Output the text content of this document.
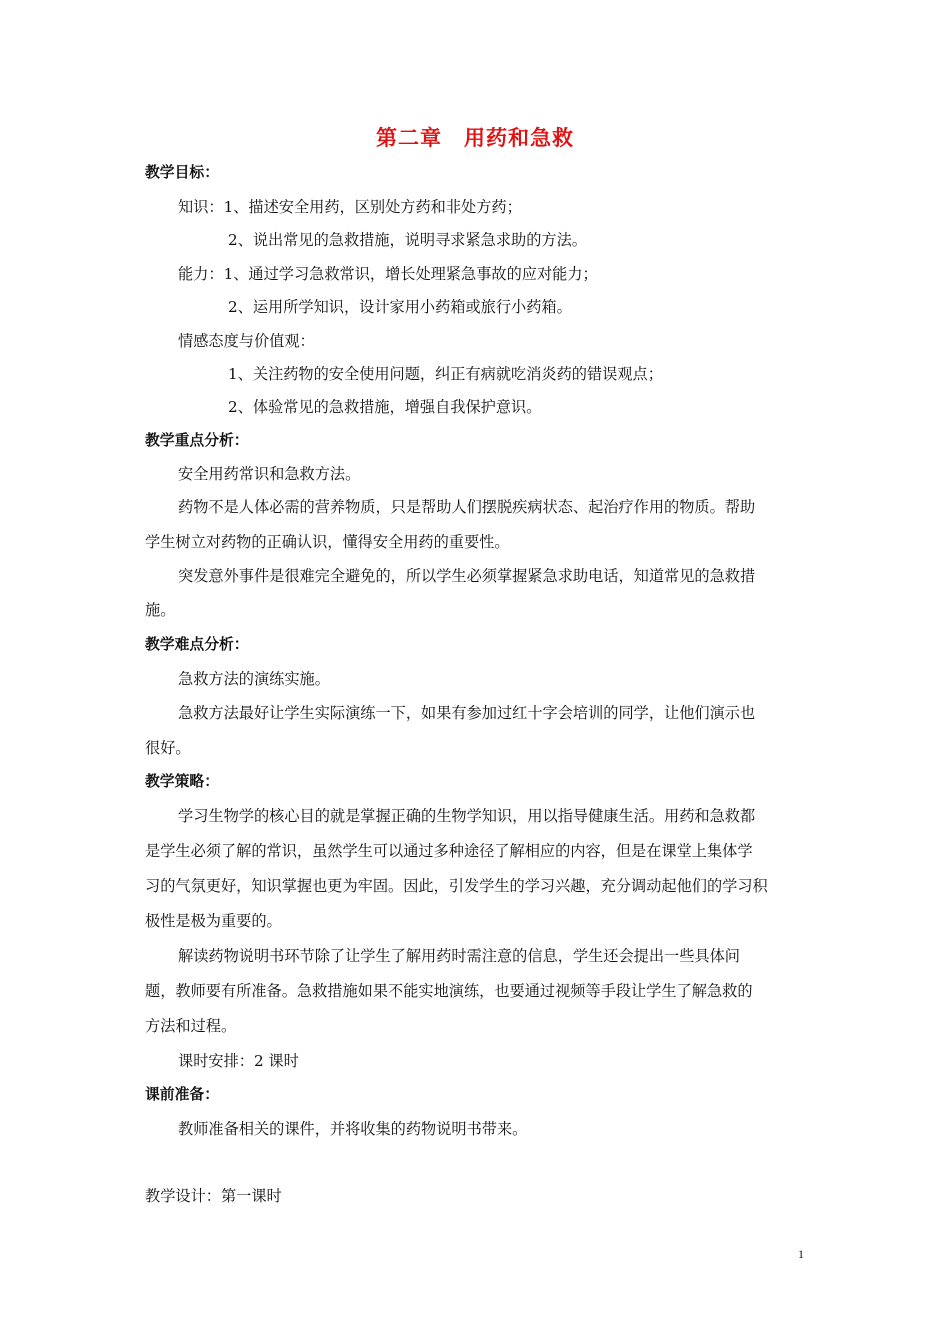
第二章　用药和急救
教学目标：
知识：1、描述安全用药，区别处方药和非处方药；
2、说出常见的急救措施，说明寻求紧急求助的方法。
能力：1、通过学习急救常识，增长处理紧急事故的应对能力；
2、运用所学知识，设计家用小药箱或旅行小药箱。
情感态度与价值观：
1、关注药物的安全使用问题，纠正有病就吃消炎药的错误观点；
2、体验常见的急救措施，增强自我保护意识。
教学重点分析：
安全用药常识和急救方法。
药物不是人体必需的营养物质，只是帮助人们摆脱疾病状态、起治疗作用的物质。帮助
学生树立对药物的正确认识，懂得安全用药的重要性。
突发意外事件是很难完全避免的，所以学生必须掌握紧急求助电话，知道常见的急救措
施。
教学难点分析：
急救方法的演练实施。
急救方法最好让学生实际演练一下，如果有参加过红十字会培训的同学，让他们演示也
很好。
教学策略：
学习生物学的核心目的就是掌握正确的生物学知识，用以指导健康生活。用药和急救都
是学生必须了解的常识，虽然学生可以通过多种途径了解相应的内容，但是在课堂上集体学
习的气氛更好，知识掌握也更为牢固。因此，引发学生的学习兴趣，充分调动起他们的学习积
极性是极为重要的。
解读药物说明书环节除了让学生了解用药时需注意的信息，学生还会提出一些具体问
题，教师要有所准备。急救措施如果不能实地演练，也要通过视频等手段让学生了解急救的
方法和过程。
课时安排：2 课时
课前准备：
教师准备相关的课件，并将收集的药物说明书带来。
教学设计：第一课时
1
